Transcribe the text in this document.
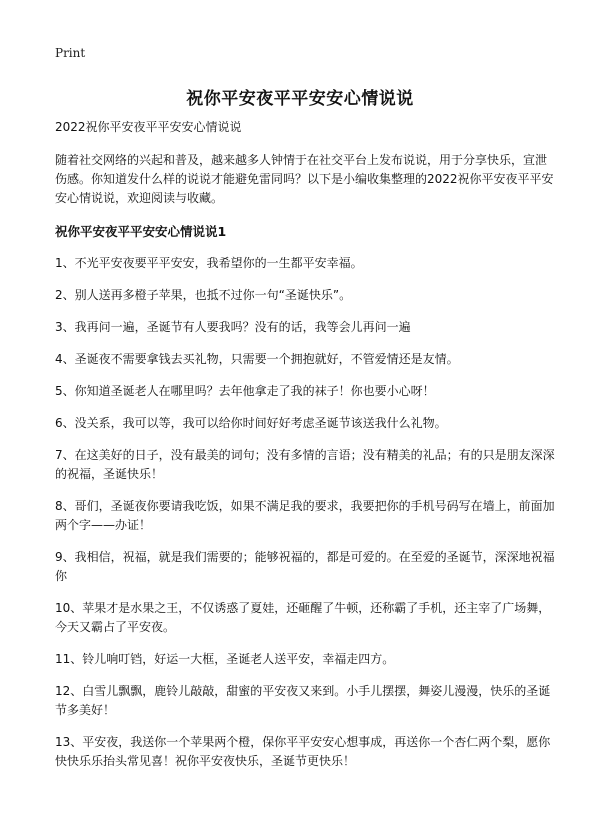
Print
祝你平安夜平平安安心情说说

2022祝你平安夜平平安安心情说说

随着社交网络的兴起和普及，越来越多人钟情于在社交平台上发布说说，用于分享快乐，宣泄伤感。你知道发什么样的说说才能避免雷同吗？以下是小编收集整理的2022祝你平安夜平平安安心情说说，欢迎阅读与收藏。

祝你平安夜平平安安心情说说1

1、不光平安夜要平平安安，我希望你的一生都平安幸福。

2、别人送再多橙子苹果，也抵不过你一句“圣诞快乐”。

3、我再问一遍，圣诞节有人要我吗？没有的话，我等会儿再问一遍

4、圣诞夜不需要拿钱去买礼物，只需要一个拥抱就好，不管爱情还是友情。

5、你知道圣诞老人在哪里吗？去年他拿走了我的袜子！你也要小心呀！

6、没关系，我可以等，我可以给你时间好好考虑圣诞节该送我什么礼物。

7、在这美好的日子，没有最美的词句；没有多情的言语；没有精美的礼品；有的只是朋友深深的祝福，圣诞快乐！

8、哥们，圣诞夜你要请我吃饭，如果不满足我的要求，我要把你的手机号码写在墙上，前面加两个字——办证！

9、我相信，祝福，就是我们需要的；能够祝福的，都是可爱的。在至爱的圣诞节，深深地祝福你

10、苹果才是水果之王，不仅诱惑了夏娃，还砸醒了牛顿，还称霸了手机，还主宰了广场舞，今天又霸占了平安夜。

11、铃儿响叮铛，好运一大框，圣诞老人送平安，幸福走四方。

12、白雪儿飘飘，鹿铃儿敲敲，甜蜜的平安夜又来到。小手儿摆摆，舞姿儿漫漫，快乐的圣诞节多美好！

13、平安夜，我送你一个苹果两个橙，保你平平安安心想事成，再送你一个杏仁两个梨，愿你快快乐乐抬头常见喜！祝你平安夜快乐，圣诞节更快乐！
